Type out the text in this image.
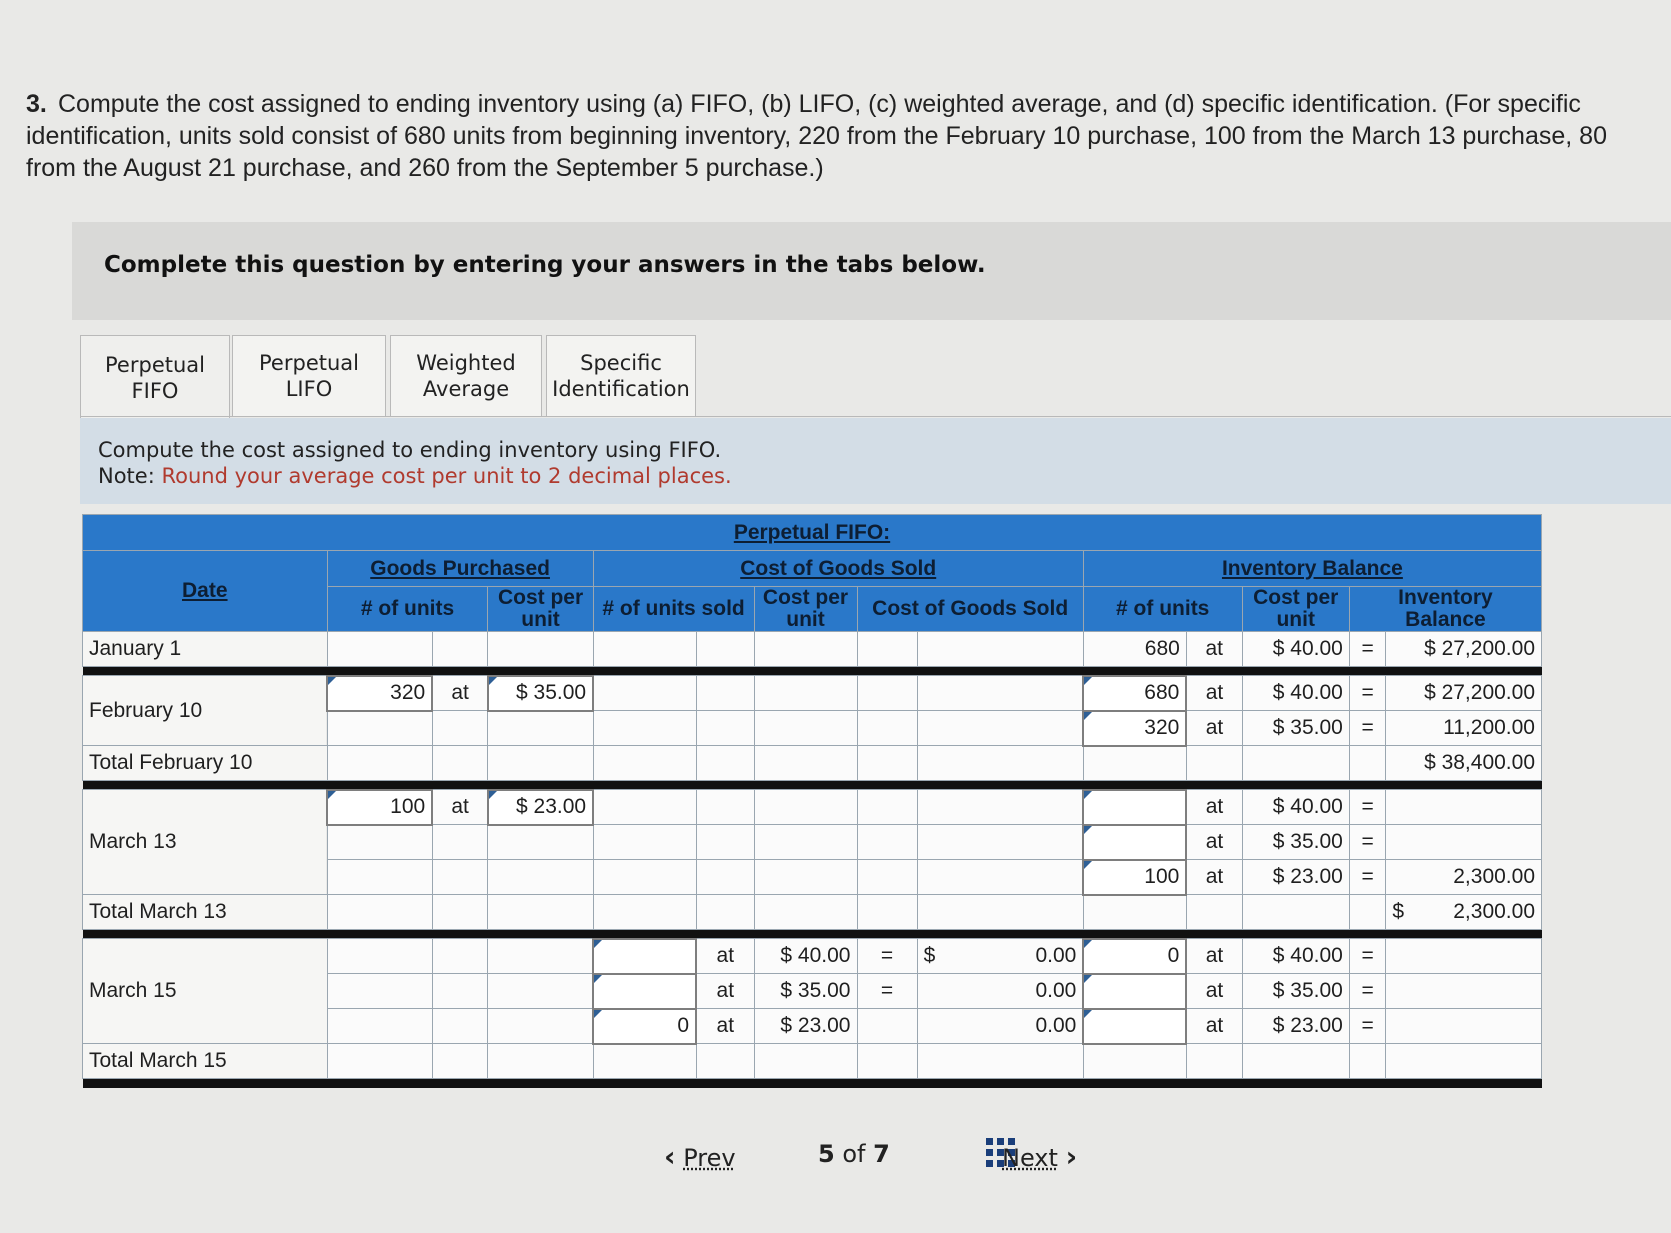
3. Compute the cost assigned to ending inventory using (a) FIFO, (b) LIFO, (c) weighted average, and (d) specific identification. (For specific identification, units sold consist of 680 units from beginning inventory, 220 from the February 10 purchase, 100 from the March 13 purchase, 80 from the August 21 purchase, and 260 from the September 5 purchase.)
Complete this question by entering your answers in the tabs below.
Perpetual FIFO
Perpetual LIFO
Weighted Average
Specific Identification
Compute the cost assigned to ending inventory using FIFO.
Note: Round your average cost per unit to 2 decimal places.
Perpetual FIFO:													
Date	Goods Purchased			Cost of Goods Sold					Inventory Balance				
	# of units		Cost per unit	# of units sold		Cost per unit	Cost of Goods Sold		# of units		Cost per unit	Inventory Balance	

January 1									680	at	$ 40.00	=	$ 27,200.00

February 10	320	at	$ 35.00						680	at	$ 40.00	=	$ 27,200.00
									320	at	$ 35.00	=	11,200.00
Total February 10													$ 38,400.00

March 13	100	at	$ 23.00							at	$ 40.00	=	
										at	$ 35.00	=	
									100	at	$ 23.00	=	2,300.00
Total March 13													$ 2,300.00

March 15					at	$ 40.00	=	$ 0.00	0	at	$ 40.00	=	
					at	$ 35.00	=	0.00		at	$ 35.00	=	
				0	at	$ 23.00		0.00		at	$ 23.00	=	
Total March 15													

‹ Prev	5 of 7	Next ›
